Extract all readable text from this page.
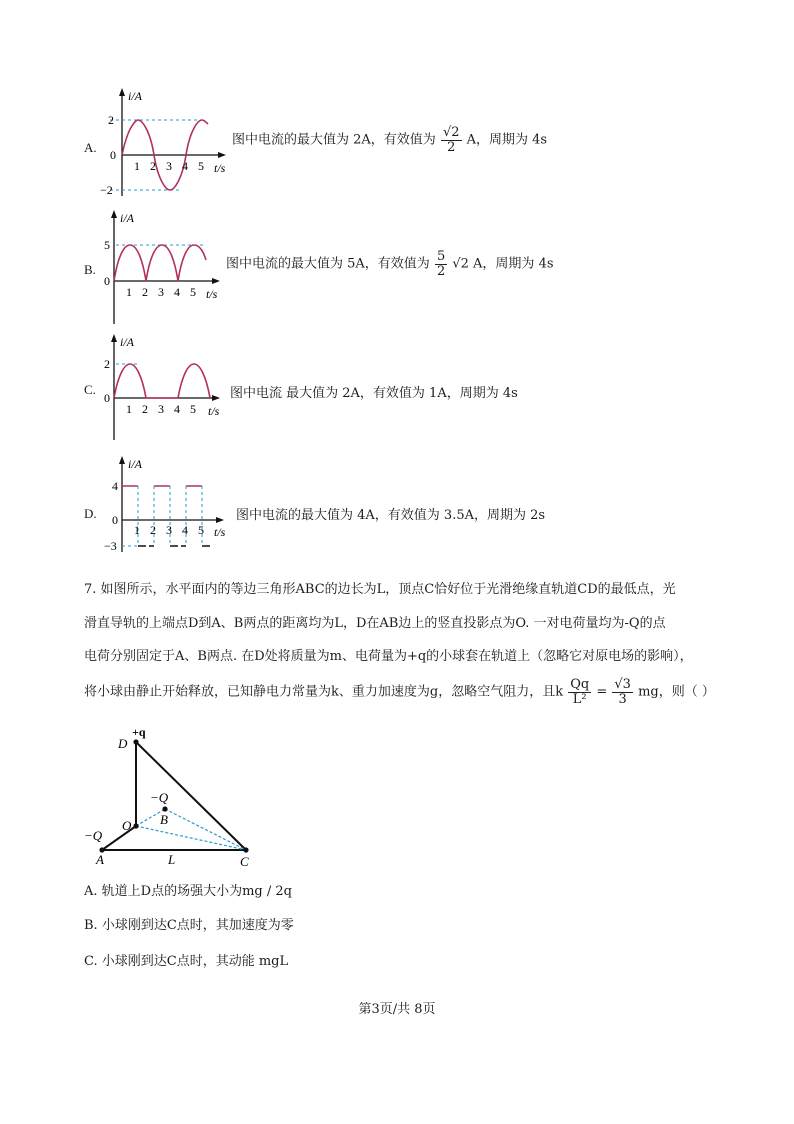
A.
i/A
2
0
−2
1 2 3 4 5 t/s
图中电流的最大值为 2A，有效值为 $\frac{√2}{2}$ A，周期为 4s
B.
i/A
5
0
1 2 3 4 5 t/s
图中电流的最大值为 5A，有效值为 $\frac{5}{2} √2$ A，周期为 4s
C.
i/A
2
0
1 2 3 4 5 t/s
图中电流 最大值为 2A，有效值为 1A，周期为 4s
D.
i/A
4
0
−3
1 2 3 4 5 t/s
图中电流的最大值为 4A，有效值为 3.5A，周期为 2s
7. 如图所示，水平面内的等边三角形ABC的边长为L，顶点C恰好位于光滑绝缘直轨道CD的最低点，光
滑直导轨的上端点D到A、B两点的距离均为L，D在AB边上的竖直投影点为O. 一对电荷量均为-Q的点
电荷分别固定于A、B两点. 在D处将质量为m、电荷量为+q的小球套在轨道上（忽略它对原电场的影响），
将小球由静止开始释放，已知静电力常量为k、重力加速度为g，忽略空气阻力，且k $\frac{Qq}{\text{L²}} = \frac{√3}{3}$ mg，则（ ）
D
+q
−Q
B
O
−Q
A	L	C
A. 轨道上D点的场强大小为mg / 2q
B. 小球刚到达C点时，其加速度为零
C. 小球刚到达C点时，其动能 mgL
第3页/共 8页
